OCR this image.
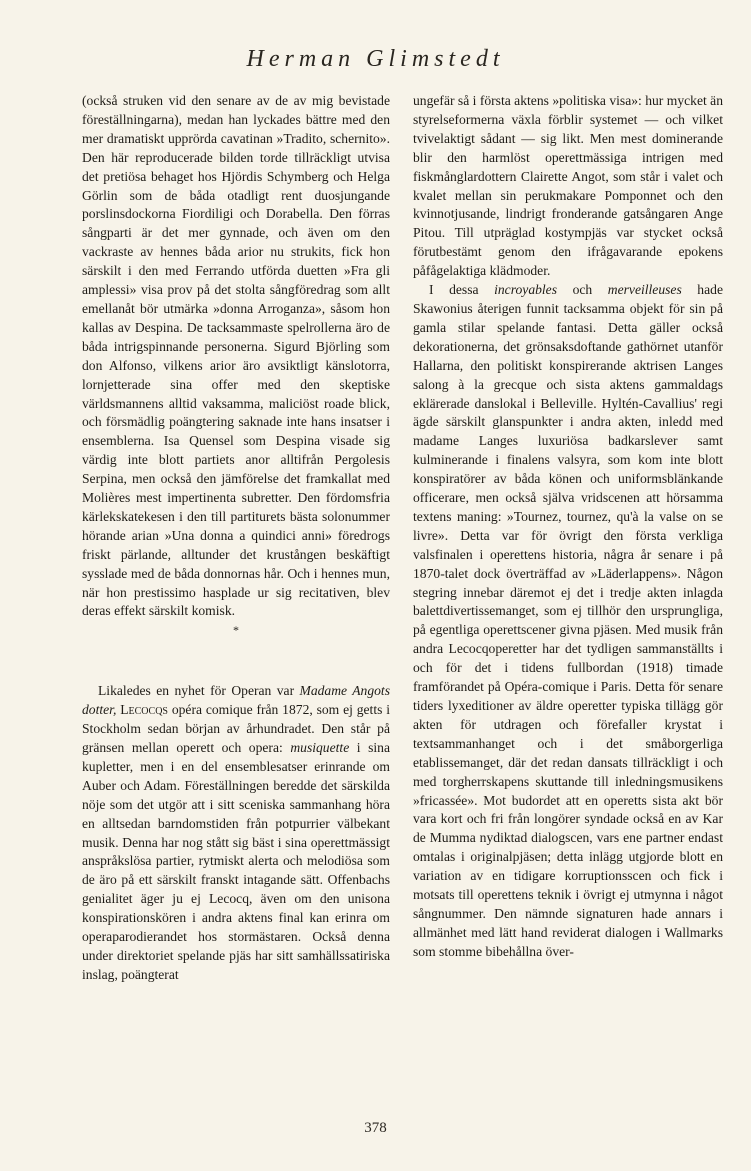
Herman Glimstedt

(också struken vid den senare av de av mig bevistade föreställningarna), medan han lyckades bättre med den mer dramatiskt upprörda cavatinan »Tradito, schernito». Den här reproducerade bilden torde tillräckligt utvisa det pretiösa behaget hos Hjördis Schymberg och Helga Görlin som de båda otadligt rent duosjungande porslinsdockorna Fiordiligi och Dorabella. Den förras sångparti är det mer gynnade, och även om den vackraste av hennes båda arior nu strukits, fick hon särskilt i den med Ferrando utförda duetten »Fra gli amplessi» visa prov på det stolta sångföredrag som allt emellanåt bör utmärka »donna Arroganza», såsom hon kallas av Despina. De tacksammaste spelrollerna äro de båda intrigspinnande personerna. Sigurd Björling som don Alfonso, vilkens arior äro avsiktligt känslotorra, lornjetterade sina offer med den skeptiske världsmannens alltid vaksamma, maliciöst roade blick, och försmädlig poängtering saknade inte hans insatser i ensemblerna. Isa Quensel som Despina visade sig värdig inte blott partiets anor alltifrån Pergolesis Serpina, men också den jämförelse det framkallat med Molières mest impertinenta subretter. Den fördomsfria kärlekskatekesen i den till partiturets bästa solonummer hörande arian »Una donna a quindici anni» föredrogs friskt pärlande, alltunder det krustången beskäftigt sysslade med de båda donnornas hår. Och i hennes mun, när hon prestissimo hasplade ur sig recitativen, blev deras effekt särskilt komisk.

*

Likaledes en nyhet för Operan var Madame Angots dotter, Lecocqs opéra comique från 1872, som ej getts i Stockholm sedan början av århundradet. Den står på gränsen mellan operett och opera: musiquette i sina kupletter, men i en del ensemblesatser erinrande om Auber och Adam. Föreställningen beredde det särskilda nöje som det utgör att i sitt sceniska sammanhang höra en alltsedan barndomstiden från potpurrier välbekant musik. Denna har nog stått sig bäst i sina operettmässigt anspråkslösa partier, rytmiskt alerta och melodiösa som de äro på ett särskilt franskt intagande sätt. Offenbachs genialitet äger ju ej Lecocq, även om den unisona konspirationskören i andra aktens final kan erinra om operaparodierandet hos stormästaren. Också denna under direktoriet spelande pjäs har sitt samhällssatiriska inslag, poängterat

ungefär så i första aktens »politiska visa»: hur mycket än styrelseformerna växla förblir systemet — och vilket tvivelaktigt sådant — sig likt. Men mest dominerande blir den harmlöst operettmässiga intrigen med fiskmånglardottern Clairette Angot, som står i valet och kvalet mellan sin perukmakare Pomponnet och den kvinnotjusande, lindrigt fronderande gatsångaren Ange Pitou. Till utpräglad kostympjäs var stycket också förutbestämt genom den ifrågavarande epokens påfågelaktiga klädmoder.

I dessa incroyables och merveilleuses hade Skawonius återigen funnit tacksamma objekt för sin på gamla stilar spelande fantasi. Detta gäller också dekorationerna, det grönsaksdoftande gathörnet utanför Hallarna, den politiskt konspirerande aktrisen Langes salong à la grecque och sista aktens gammaldags eklärerade danslokal i Belleville. Hyltén-Cavallius' regi ägde särskilt glanspunkter i andra akten, inledd med madame Langes luxuriösa badkarslever samt kulminerande i finalens valsyra, som kom inte blott konspiratörer av båda könen och uniformsblänkande officerare, men också själva vridscenen att hörsamma textens maning: »Tournez, tournez, qu'à la valse on se livre». Detta var för övrigt den första verkliga valsfinalen i operettens historia, några år senare i på 1870-talet dock överträffad av »Läderlappens». Någon stegring innebar däremot ej det i tredje akten inlagda balettdivertissemanget, som ej tillhör den ursprungliga, på egentliga operettscener givna pjäsen. Med musik från andra Lecocqoperetter har det tydligen sammanställts i och för det i tidens fullbordan (1918) timade framförandet på Opéra-comique i Paris. Detta för senare tiders lyxeditioner av äldre operetter typiska tillägg gör akten för utdragen och förefaller krystat i textsammanhanget och i det småborgerliga etablissemanget, där det redan dansats tillräckligt i och med torgherrskapens skuttande till inledningsmusikens »fricassée». Mot budordet att en operetts sista akt bör vara kort och fri från longörer syndade också en av Kar de Mumma nydiktad dialogscen, vars ene partner endast omtalas i originalpjäsen; detta inlägg utgjorde blott en variation av en tidigare korruptionsscen och fick i motsats till operettens teknik i övrigt ej utmynna i något sångnummer. Den nämnde signaturen hade annars i allmänhet med lätt hand reviderat dialogen i Wallmarks som stomme bibehållna över-

378
